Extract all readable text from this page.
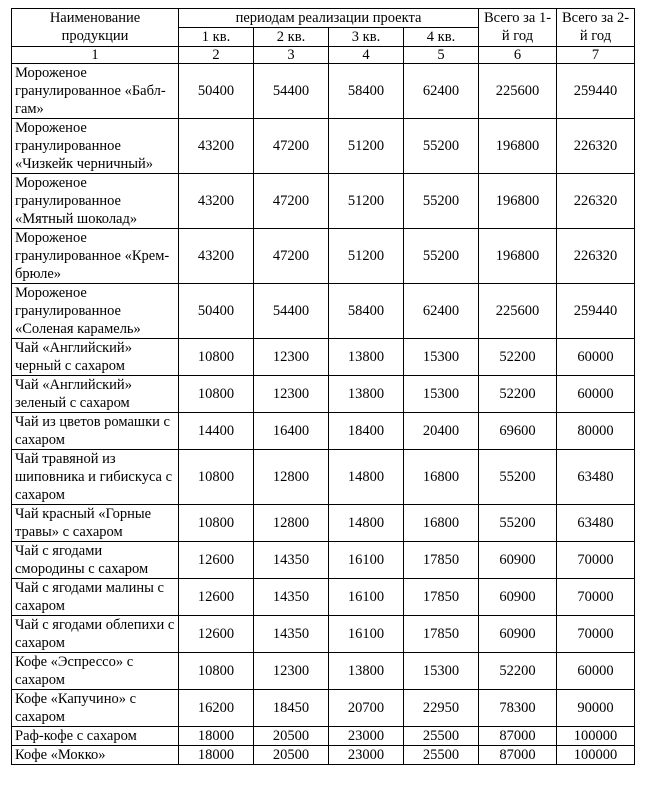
Наименование продукции	периодам реализации проекта				Всего за 1-й год	Всего за 2-й год
	1 кв.	2 кв.	3 кв.	4 кв.		
1	2	3	4	5	6	7
Мороженое гранулированное «Бабл-гам»	50400	54400	58400	62400	225600	259440
Мороженое гранулированное «Чизкейк черничный»	43200	47200	51200	55200	196800	226320
Мороженое гранулированное «Мятный шоколад»	43200	47200	51200	55200	196800	226320
Мороженое гранулированное «Крем-брюле»	43200	47200	51200	55200	196800	226320
Мороженое гранулированное «Соленая карамель»	50400	54400	58400	62400	225600	259440
Чай «Английский» черный с сахаром	10800	12300	13800	15300	52200	60000
Чай «Английский» зеленый с сахаром	10800	12300	13800	15300	52200	60000
Чай из цветов ромашки с сахаром	14400	16400	18400	20400	69600	80000
Чай травяной из шиповника и гибискуса с сахаром	10800	12800	14800	16800	55200	63480
Чай красный «Горные травы» с сахаром	10800	12800	14800	16800	55200	63480
Чай с ягодами смородины с сахаром	12600	14350	16100	17850	60900	70000
Чай с ягодами малины с сахаром	12600	14350	16100	17850	60900	70000
Чай с ягодами облепихи с сахаром	12600	14350	16100	17850	60900	70000
Кофе «Эспрессо» с сахаром	10800	12300	13800	15300	52200	60000
Кофе «Капучино» с сахаром	16200	18450	20700	22950	78300	90000
Раф-кофе с сахаром	18000	20500	23000	25500	87000	100000
Кофе «Мокко»	18000	20500	23000	25500	87000	100000
